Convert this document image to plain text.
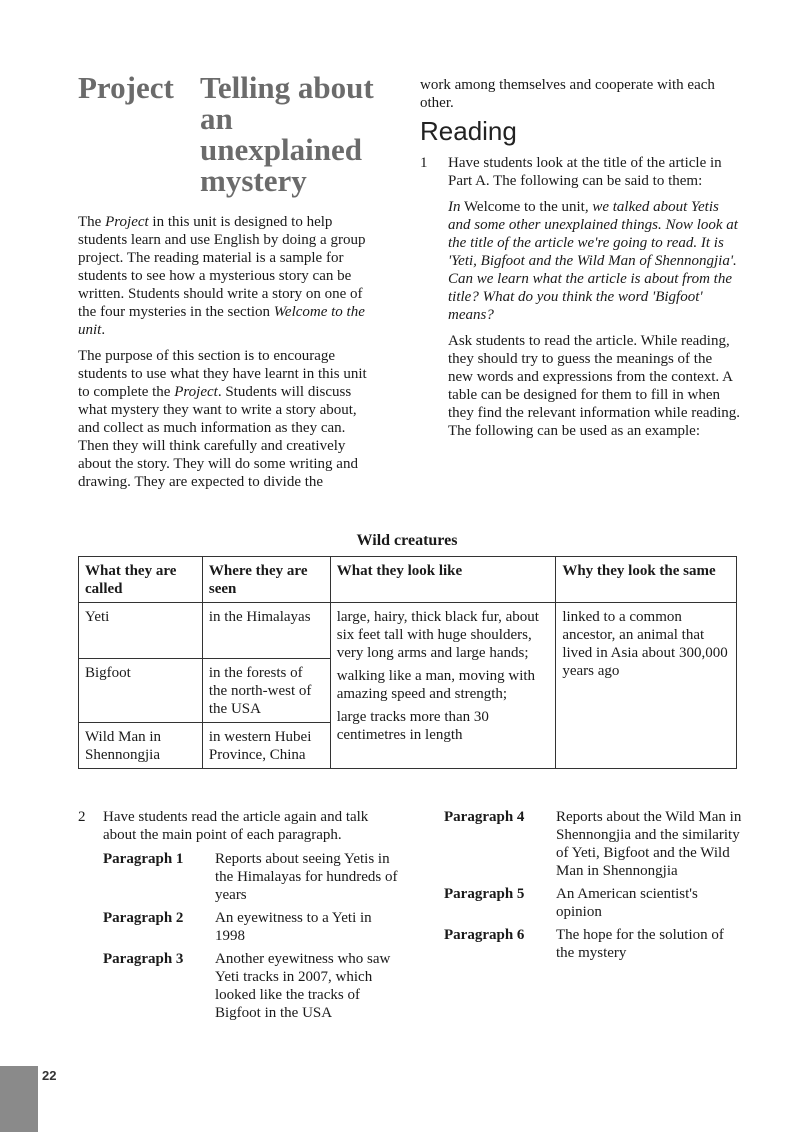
Project Telling about an unexplained mystery

The Project in this unit is designed to help students learn and use English by doing a group project. The reading material is a sample for students to see how a mysterious story can be written. Students should write a story on one of the four mysteries in the section Welcome to the unit.

The purpose of this section is to encourage students to use what they have learnt in this unit to complete the Project. Students will discuss what mystery they want to write a story about, and collect as much information as they can. Then they will think carefully and creatively about the story. They will do some writing and drawing. They are expected to divide the

work among themselves and cooperate with each other.

Reading
1	Have students look at the title of the article in Part A. The following can be said to them:

In Welcome to the unit, we talked about Yetis and some other unexplained things. Now look at the title of the article we're going to read. It is 'Yeti, Bigfoot and the Wild Man of Shennongjia'. Can we learn what the article is about from the title? What do you think the word 'Bigfoot' means?

Ask students to read the article. While reading, they should try to guess the meanings of the new words and expressions from the context. A table can be designed for them to fill in when they find the relevant information while reading. The following can be used as an example:

Wild creatures
What they are called	Where they are seen	What they look like	Why they look the same
Yeti	in the Himalayas	large, hairy, thick black fur, about six feet tall with huge shoulders, very long arms and large hands;

walking like a man, moving with amazing speed and strength;

large tracks more than 30 centimetres in length	linked to a common ancestor, an animal that lived in Asia about 300,000 years ago
Bigfoot	in the forests of the north-west of the USA		
Wild Man in Shennongjia	in western Hubei Province, China		
2	Have students read the article again and talk about the main point of each paragraph.

Paragraph 1	Reports about seeing Yetis in the Himalayas for hundreds of years
Paragraph 2	An eyewitness to a Yeti in 1998
Paragraph 3	Another eyewitness who saw Yeti tracks in 2007, which looked like the tracks of Bigfoot in the USA
Paragraph 4	Reports about the Wild Man in Shennongjia and the similarity of Yeti, Bigfoot and the Wild Man in Shennongjia
Paragraph 5	An American scientist's opinion
Paragraph 6	The hope for the solution of the mystery
22
